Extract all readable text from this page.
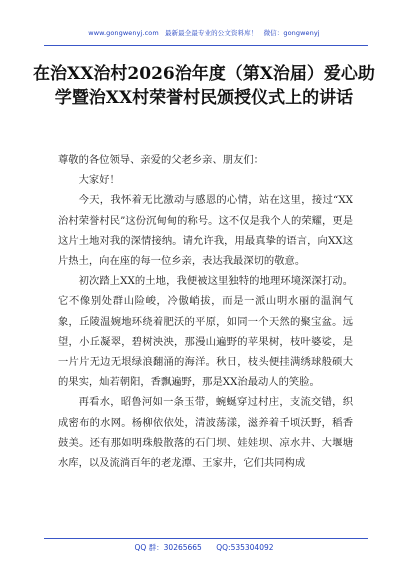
www.gongwenyj.com 最新最全最专业的公文资料库！ 微信：gongwenyj
在治XX治村2026治年度（第X治届）爱心助学暨治XX村荣誉村民颁授仪式上的讲话

尊敬的各位领导、亲爱的父老乡亲、朋友们：

大家好！

今天，我怀着无比激动与感恩的心情，站在这里，接过“XX治村荣誉村民”这份沉甸甸的称号。这不仅是我个人的荣耀，更是这片土地对我的深情接纳。请允许我，用最真挚的语言，向XX这片热土，向在座的每一位乡亲，表达我最深切的敬意。

初次踏上XX的土地，我便被这里独特的地理环境深深打动。它不像别处群山险峻，冷傲峭拔，而是一派山明水丽的温润气象，丘陵温婉地环绕着肥沃的平原，如同一个天然的聚宝盆。远望，小丘凝翠，碧树泱泱，那漫山遍野的苹果树，枝叶婆娑，是一片片无边无垠绿浪翻涌的海洋。秋日，枝头便挂满绣球般硕大的果实，灿若朝阳，香飘遍野，那是XX治最动人的笑脸。

再看水，昭鲁河如一条玉带，蜿蜒穿过村庄，支流交错，织成密布的水网。杨柳依依处，清波荡漾，滋养着千顷沃野，稻香鼓美。还有那如明珠般散落的石门坝、娃娃坝、凉水井、大堰塘水库，以及流淌百年的老龙潭、王家井，它们共同构成

QQ 群：30265665 QQ:535304092
